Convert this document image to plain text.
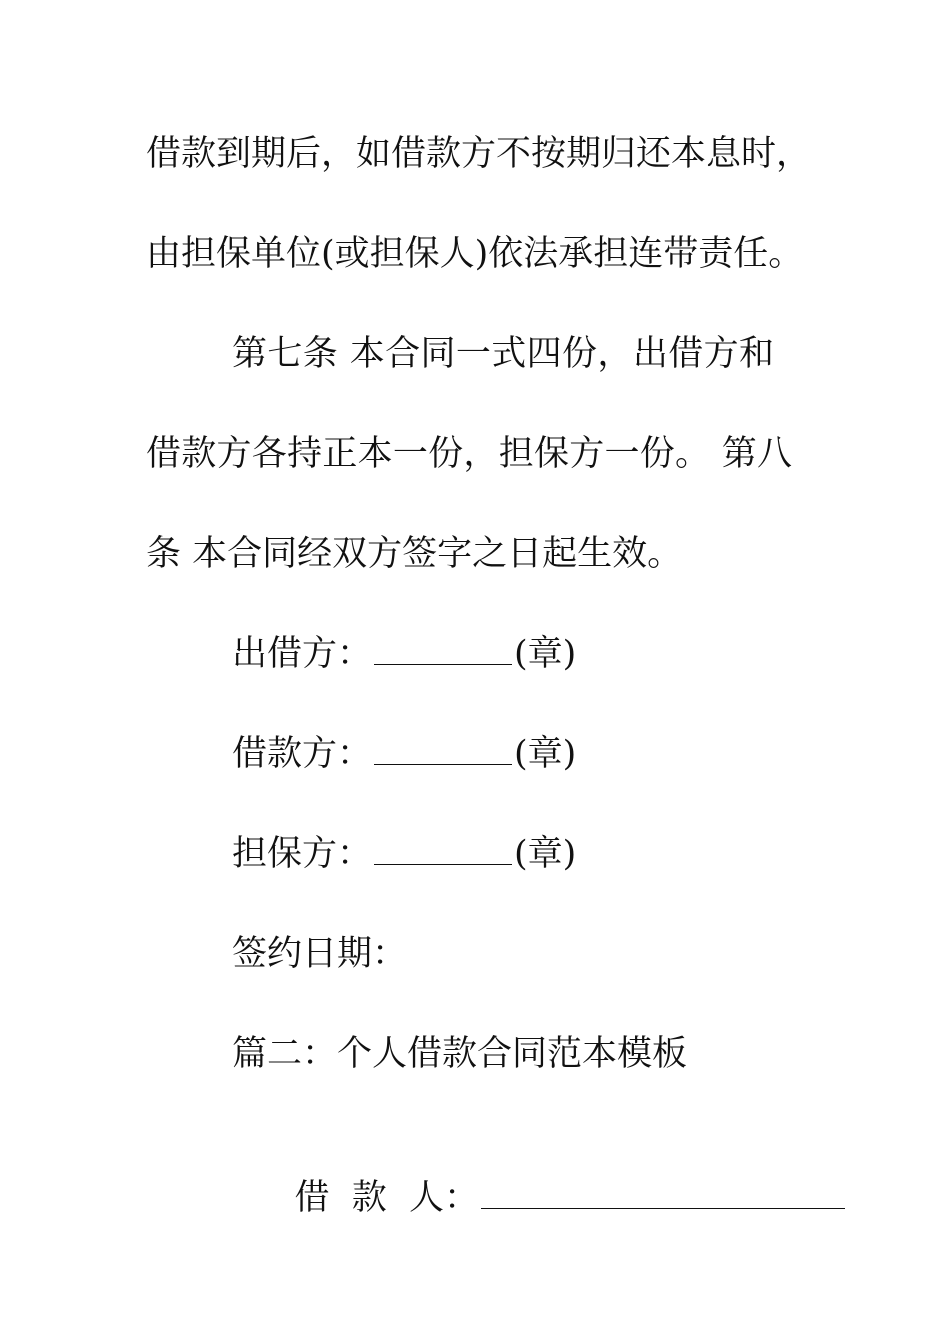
借款到期后，如借款方不按期归还本息时，
由担保单位(或担保人)依法承担连带责任。
第七条 本合同一式四份，出借方和
借款方各持正本一份，担保方一份。 第八
条 本合同经双方签字之日起生效。
出借方：	(章)
借款方：	(章)
担保方：	(章)
签约日期：
篇二：个人借款合同范本模板

借  款  人：
